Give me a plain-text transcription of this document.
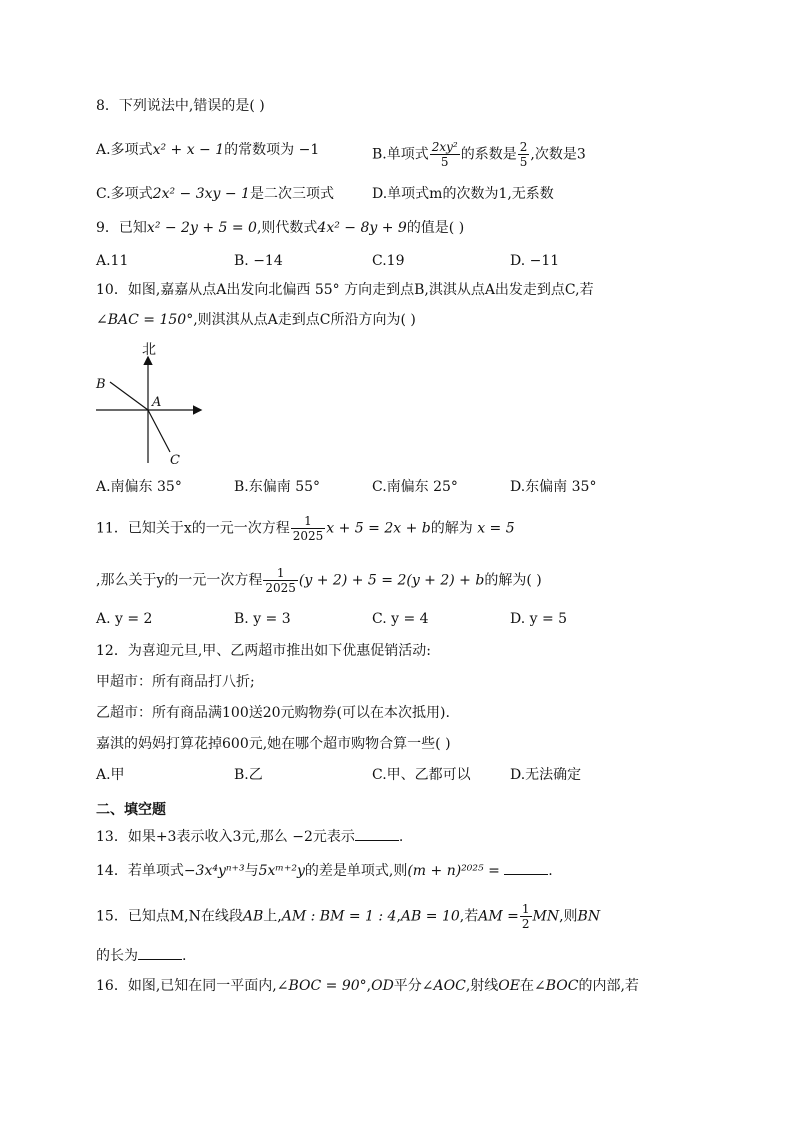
8．下列说法中,错误的是( )
A.多项式x² + x − 1的常数项为 −1	B.单项式 $\frac{\text{2xy²}}{5}$ 的系数是 $\frac{2}{5}$ ,次数是3
C.多项式2x² − 3xy − 1是二次三项式	D.单项式m的次数为1,无系数
9．已知x² − 2y + 5 = 0,则代数式4x² − 8y + 9的值是( )
A.11	B. −14	C.19	D. −11
10．如图,嘉嘉从点A出发向北偏西 55° 方向走到点B,淇淇从点A出发走到点C,若
∠BAC = 150°,则淇淇从点A走到点C所沿方向为( )
北
B
A
C
A.南偏东 35°	B.东偏南 55°	C.南偏东 25°	D.东偏南 35°
11．已知关于x的一元一次方程 $\frac{1}{2025}$ x + 5 = 2x + b的解为 x = 5
,那么关于y的一元一次方程 $\frac{1}{2025} (y + 2) + 5 = 2(y + 2) + b$的解为( )
A. y = 2	B. y = 3	C. y = 4	D. y = 5
12．为喜迎元旦,甲、乙两超市推出如下优惠促销活动:
甲超市：所有商品打八折;
乙超市：所有商品满100送20元购物券(可以在本次抵用).
嘉淇的妈妈打算花掉600元,她在哪个超市购物合算一些( )
A.甲	B.乙	C.甲、乙都可以	D.无法确定
二、填空题
13．如果+3表示收入3元,那么 −2元表示	.
14．若单项式−3x⁴yⁿ⁺³与5xᵐ⁺²y的差是单项式,则(m + n)²⁰²⁵ =	.
15．已知点M,N在线段AB上,AM : BM = 1 : 4,AB = 10,若AM = $\frac{1}{2}$ MN,则BN
的长为	.
16．如图,已知在同一平面内,∠BOC = 90°,OD平分∠AOC,射线OE在∠BOC的内部,若
